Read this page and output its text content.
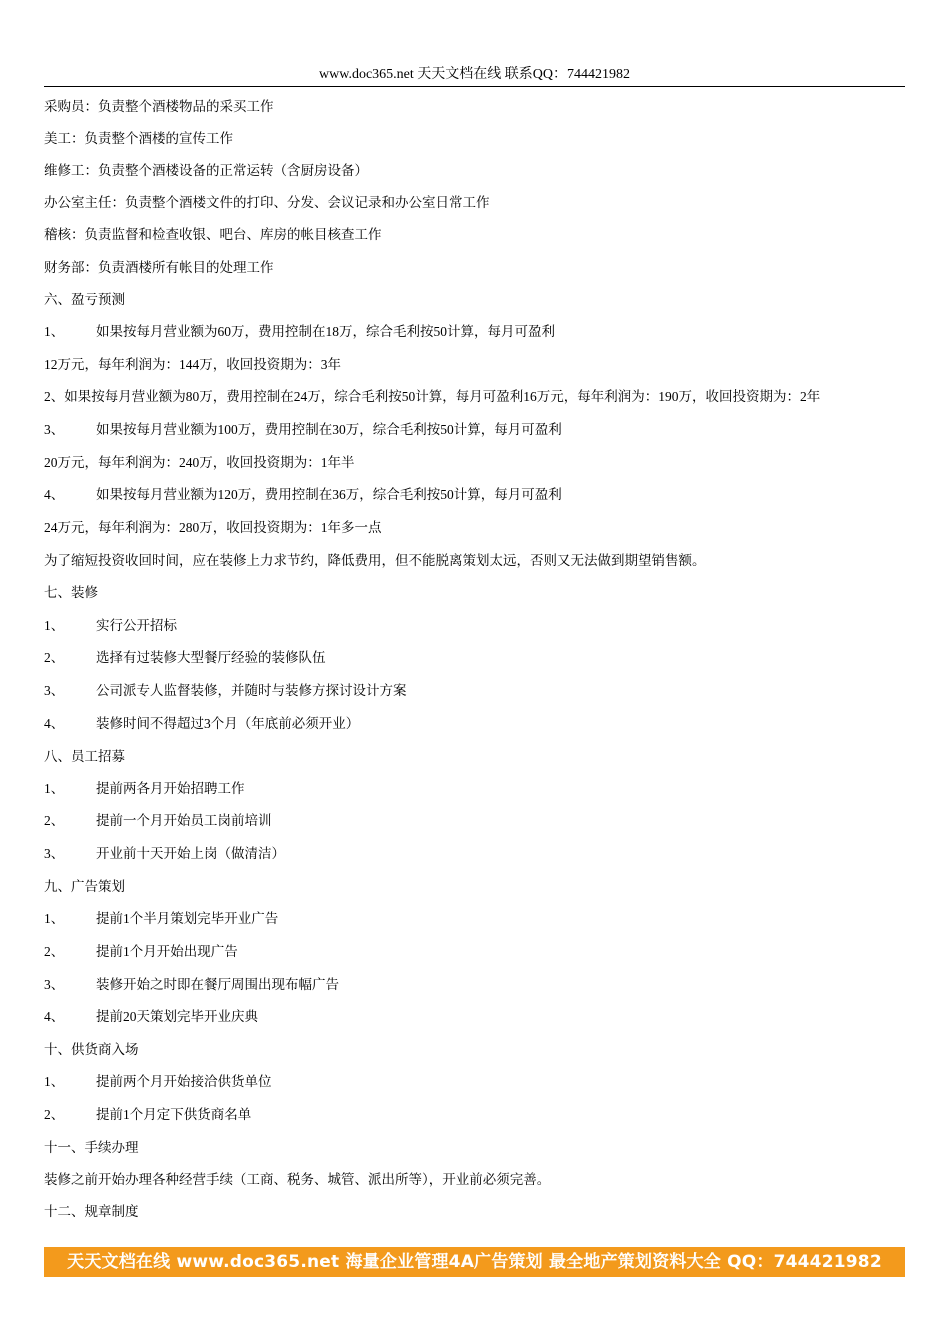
www.doc365.net 天天文档在线 联系QQ：744421982
采购员：负责整个酒楼物品的采买工作
美工：负责整个酒楼的宣传工作
维修工：负责整个酒楼设备的正常运转（含厨房设备）
办公室主任：负责整个酒楼文件的打印、分发、会议记录和办公室日常工作
稽核：负责监督和检查收银、吧台、库房的帐目核查工作
财务部：负责酒楼所有帐目的处理工作
六、盈亏预测
1、 如果按每月营业额为60万，费用控制在18万，综合毛利按50计算，每月可盈利
12万元，每年利润为：144万，收回投资期为：3年
2、如果按每月营业额为80万，费用控制在24万，综合毛利按50计算，每月可盈利16万元，每年利润为：190万，收回投资期为：2年
3、 如果按每月营业额为100万，费用控制在30万，综合毛利按50计算，每月可盈利
20万元，每年利润为：240万，收回投资期为：1年半
4、 如果按每月营业额为120万，费用控制在36万，综合毛利按50计算，每月可盈利
24万元，每年利润为：280万，收回投资期为：1年多一点
为了缩短投资收回时间，应在装修上力求节约，降低费用，但不能脱离策划太远，否则又无法做到期望销售额。
七、装修
1、 实行公开招标
2、 选择有过装修大型餐厅经验的装修队伍
3、 公司派专人监督装修，并随时与装修方探讨设计方案
4、 装修时间不得超过3个月（年底前必须开业）
八、员工招募
1、 提前两各月开始招聘工作
2、 提前一个月开始员工岗前培训
3、 开业前十天开始上岗（做清洁）
九、广告策划
1、 提前1个半月策划完毕开业广告
2、 提前1个月开始出现广告
3、 装修开始之时即在餐厅周围出现布幅广告
4、 提前20天策划完毕开业庆典
十、供货商入场
1、 提前两个月开始接洽供货单位
2、 提前1个月定下供货商名单
十一、手续办理
装修之前开始办理各种经营手续（工商、税务、城管、派出所等），开业前必须完善。
十二、规章制度
天天文档在线 www.doc365.net 海量企业管理4A广告策划 最全地产策划资料大全 QQ：744421982
